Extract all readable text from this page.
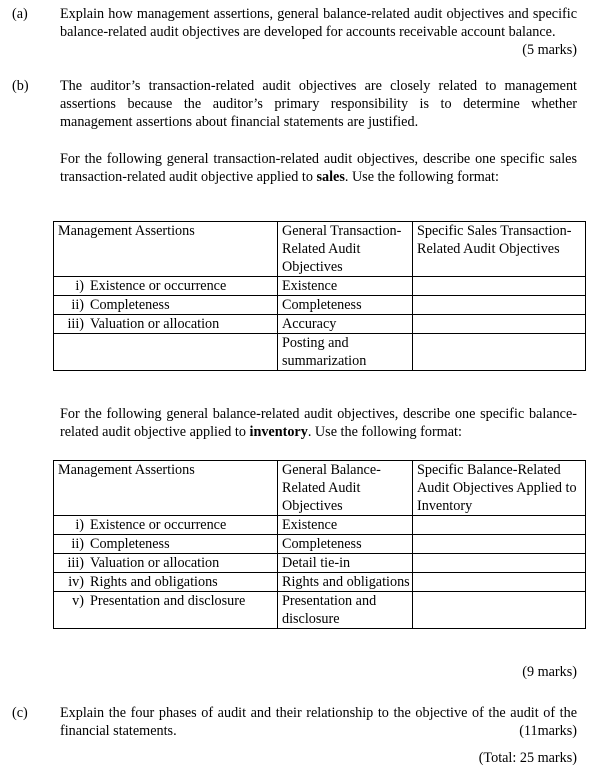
(a) Explain how management assertions, general balance-related audit objectives and specific balance-related audit objectives are developed for accounts receivable account balance.
(5 marks)
(b) The auditor’s transaction-related audit objectives are closely related to management assertions because the auditor’s primary responsibility is to determine whether management assertions about financial statements are justified.
For the following general transaction-related audit objectives, describe one specific sales transaction-related audit objective applied to sales. Use the following format:
Management Assertions	General Transaction-Related Audit Objectives	Specific Sales Transaction-Related Audit Objectives
i) Existence or occurrence	Existence	
ii) Completeness	Completeness	
iii) Valuation or allocation	Accuracy	
	Posting and summarization	
For the following general balance-related audit objectives, describe one specific balance-related audit objective applied to inventory. Use the following format:
Management Assertions	General Balance-Related Audit Objectives	Specific Balance-Related Audit Objectives Applied to Inventory
i) Existence or occurrence	Existence	
ii) Completeness	Completeness	
iii) Valuation or allocation	Detail tie-in	
iv) Rights and obligations	Rights and obligations	

v) Presentation and disclosure	Presentation and disclosure	
(9 marks)
(c) Explain the four phases of audit and their relationship to the objective of the audit of the financial statements.	(11marks)
(Total: 25 marks)
